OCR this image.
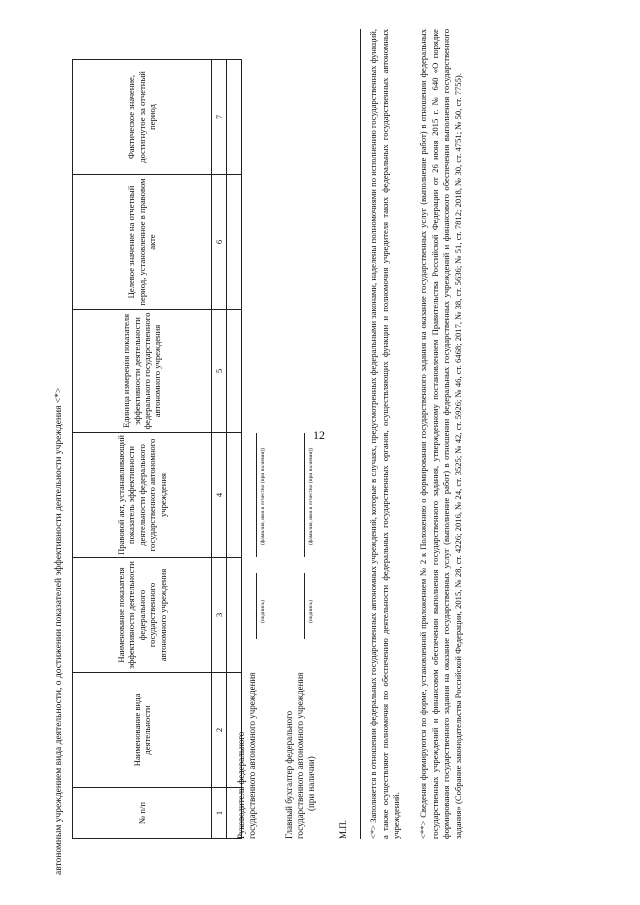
12
автономным учреждением вида деятельности, о достижении показателей эффективности деятельности учреждения <*>	№ п/п	Наименование вида деятельности	Наименование показателя эффективности деятельности федерального государственного автономного учреждения	Правовой акт, устанавливающий показатель эффективности деятельности федерального государственного автономного учреждения	Единица измерения показателя эффективности деятельности федерального государственного автономного учреждения	Целевое значение на отчетный период, установленное в правовом акте	Фактическое значение, достигнутое за отчетный период
1	2	3	4	5	6	7

Руководитель федерального государственного автономного учреждения
(подпись)
(фамилия, имя и отчество (при наличии))
Главный бухгалтер федерального государственного автономного учреждения (при наличии)
(подпись)
(фамилия, имя и отчество (при наличии))
М.П. <*> Заполняется в отношении федеральных государственных автономных учреждений, которые в случаях, предусмотренных федеральными законами, наделены полномочиями по исполнению государственных функций, а также осуществляют полномочия по обеспечению деятельности федеральных государственных органов, осуществляющих функции и полномочия учредителя таких федеральных государственных автономных учреждений. <**> Сведения формируются по форме, установленной приложением № 2 к Положению о формировании государственного задания на оказание государственных услуг (выполнение работ) в отношении федеральных государственных учреждений и финансовом обеспечении выполнения государственного задания, утвержденному постановлением Правительства Российской Федерации от 26 июня 2015 г. № 640 «О порядке формирования государственного задания на оказание государственных услуг (выполнение работ) в отношении федеральных государственных учреждений и финансового обеспечения выполнения государственного задания» (Собрание законодательства Российской Федерации, 2015, № 28, ст. 4226; 2016, № 24, ст. 3525; № 42, ст. 5926; № 46, ст. 6468; 2017, № 38, ст. 5636; № 51, ст. 7812; 2018, № 30, ст. 4751; № 50, ст. 7755).
